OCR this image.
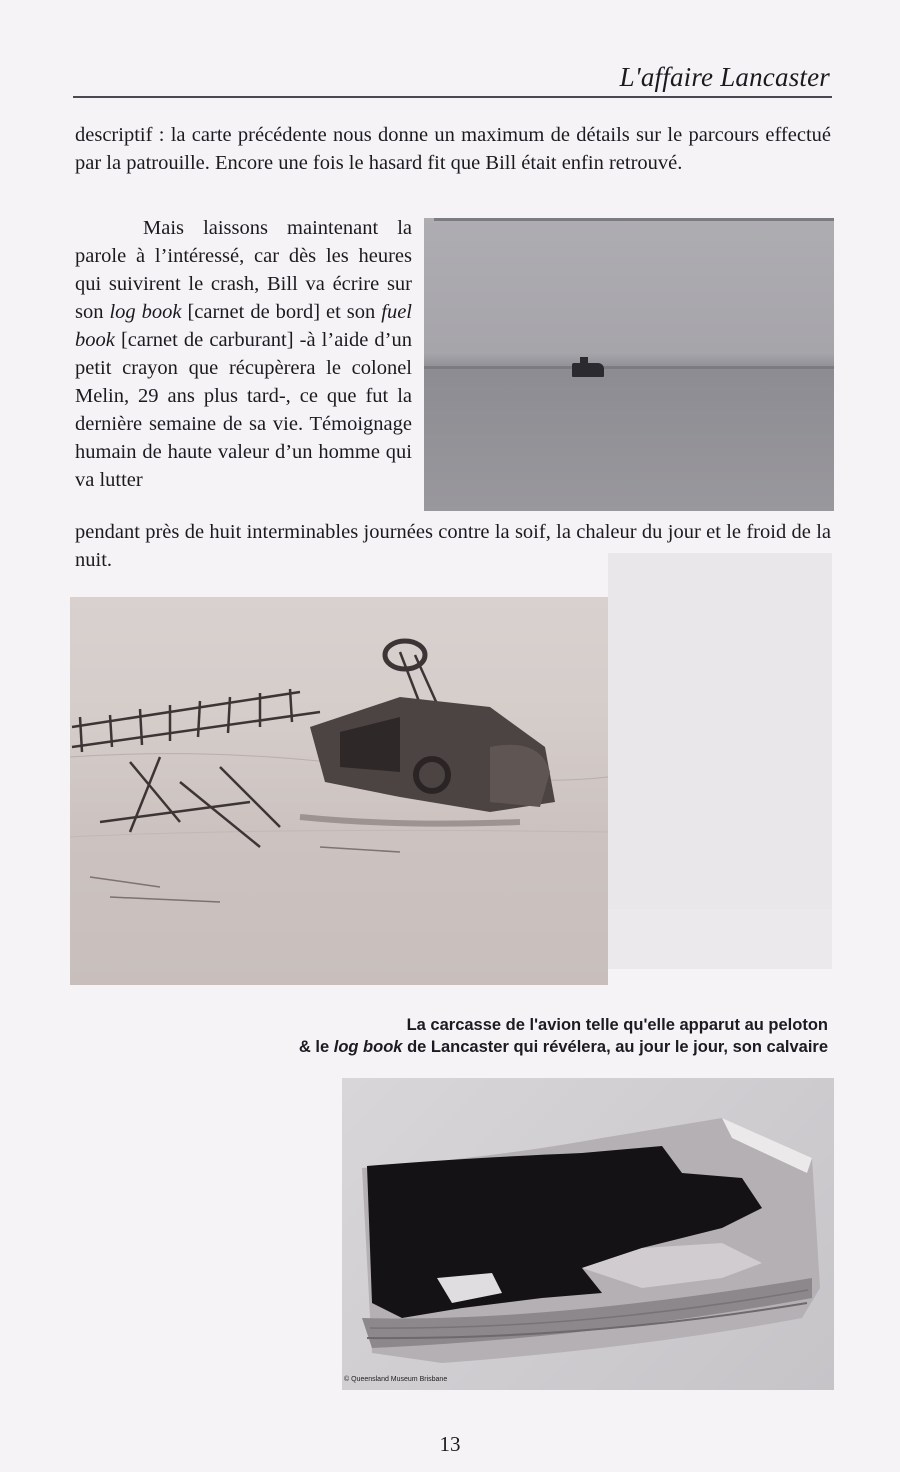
L'affaire Lancaster

descriptif : la carte précédente nous donne un maximum de détails sur le parcours effectué par la patrouille. Encore une fois le hasard fit que Bill était enfin retrouvé.

Mais laissons maintenant la parole à l’intéressé, car dès les heures qui suivirent le crash, Bill va écrire sur son log book [carnet de bord] et son fuel book [carnet de carburant] -à l’aide d’un petit crayon que récupèrera le colonel Melin, 29 ans plus tard-, ce que fut la dernière semaine de sa vie. Témoignage humain de haute valeur d’un homme qui va lutter

pendant près de huit interminables journées contre la soif, la chaleur du jour et le froid de la nuit.

La carcasse de l'avion telle qu'elle apparut au peloton
& le log book de Lancaster qui révélera, au jour le jour, son calvaire
© Queensland Museum Brisbane
13
